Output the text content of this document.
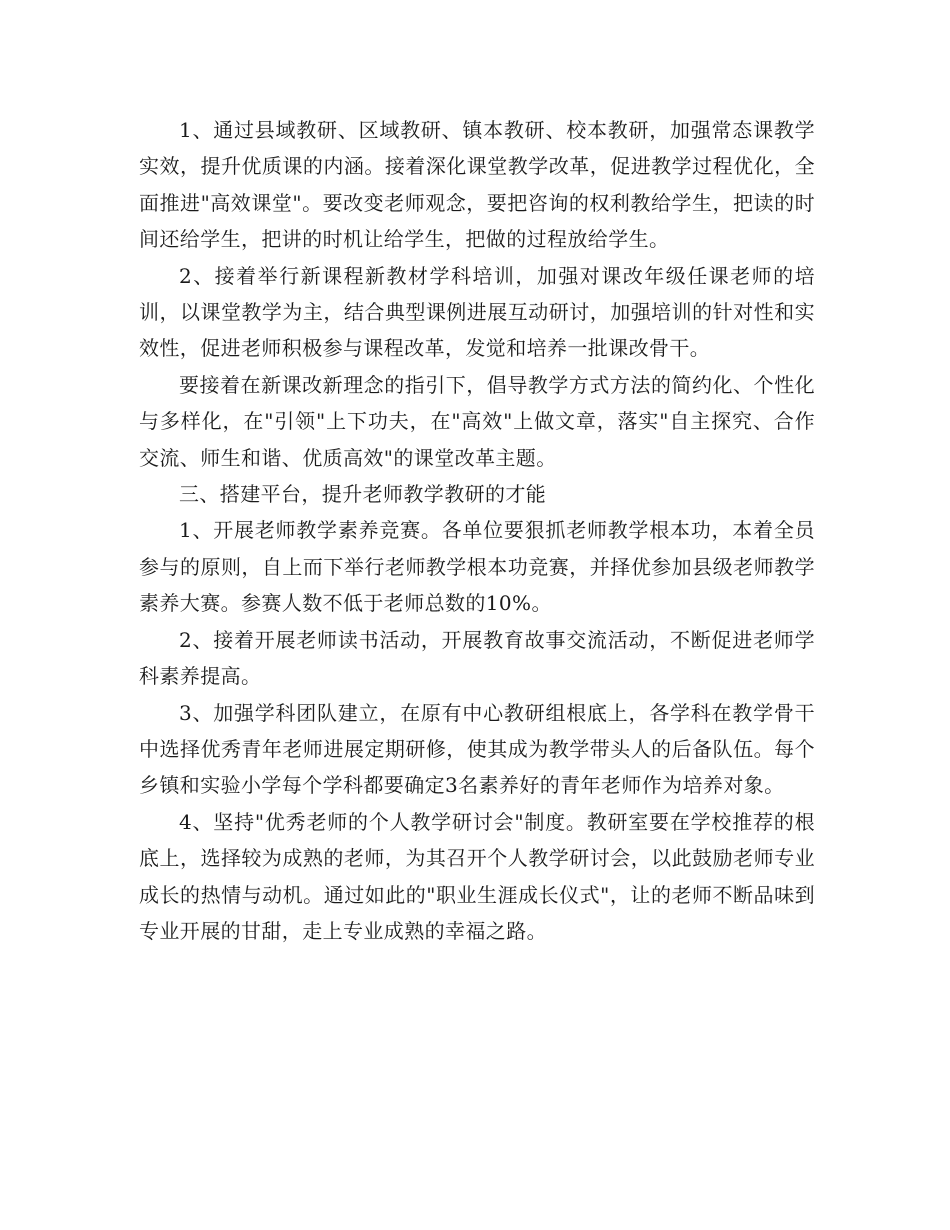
1、通过县域教研、区域教研、镇本教研、校本教研，加强常态课教学实效，提升优质课的内涵。接着深化课堂教学改革，促进教学过程优化，全面推进"高效课堂"。要改变老师观念，要把咨询的权利教给学生，把读的时间还给学生，把讲的时机让给学生，把做的过程放给学生。

2、接着举行新课程新教材学科培训，加强对课改年级任课老师的培训，以课堂教学为主，结合典型课例进展互动研讨，加强培训的针对性和实效性，促进老师积极参与课程改革，发觉和培养一批课改骨干。

要接着在新课改新理念的指引下，倡导教学方式方法的简约化、个性化与多样化，在"引领"上下功夫，在"高效"上做文章，落实"自主探究、合作交流、师生和谐、优质高效"的课堂改革主题。

三、搭建平台，提升老师教学教研的才能

1、开展老师教学素养竞赛。各单位要狠抓老师教学根本功，本着全员参与的原则，自上而下举行老师教学根本功竞赛，并择优参加县级老师教学素养大赛。参赛人数不低于老师总数的10%。

2、接着开展老师读书活动，开展教育故事交流活动，不断促进老师学科素养提高。

3、加强学科团队建立，在原有中心教研组根底上，各学科在教学骨干中选择优秀青年老师进展定期研修，使其成为教学带头人的后备队伍。每个乡镇和实验小学每个学科都要确定3名素养好的青年老师作为培养对象。

4、坚持"优秀老师的个人教学研讨会"制度。教研室要在学校推荐的根底上，选择较为成熟的老师，为其召开个人教学研讨会，以此鼓励老师专业成长的热情与动机。通过如此的"职业生涯成长仪式"，让的老师不断品味到专业开展的甘甜，走上专业成熟的幸福之路。
